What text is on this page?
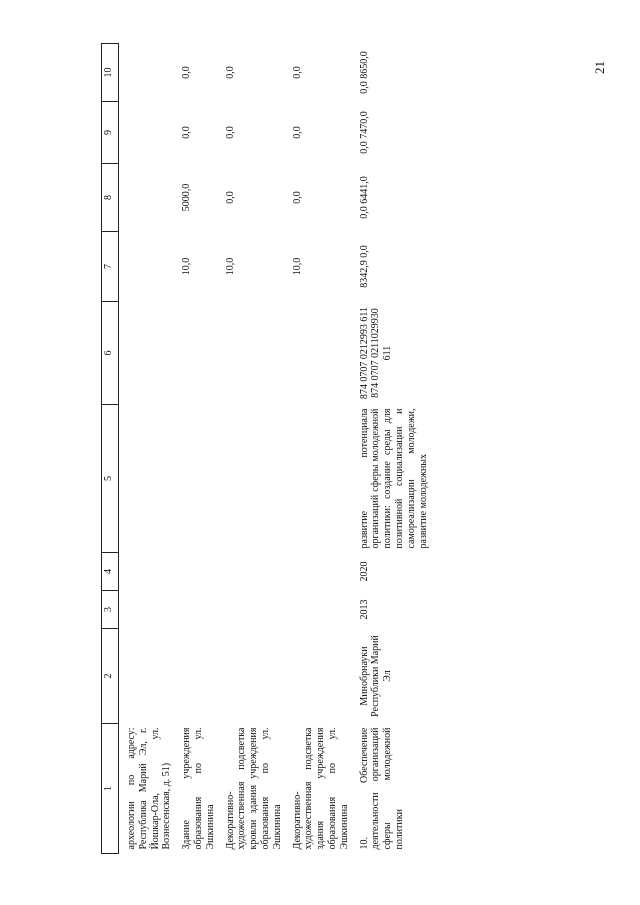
21
1	2	3	4	5	6	7	8	9	10

археологии по адресу: Республика Марий Эл, г. Йошкар-Ола, ул. Вознесенская, д. 51)									

Здание учреждения образования по ул. Эшкинина						10,0	5000,0	0,0	0,0

Декоративно-художественная подсветка кровли здания учреждения образования по ул. Эшкинина						10,0	0,0	0,0	0,0

Декоративно-художественная подсветка здания учреждения образования по ул. Эшкинина						10,0	0,0	0,0	0,0

10. Обеспечение деятельности организаций сферы молодежной политики	Минобрнауки Республики Марий Эл	2013	2020	развитие потенциала организаций сферы молодежной политики: создание среды для позитивной социализации и самореализации молодежи, развитие молодежных	874 0707 0212993 611 874 0707 0211029930 611	8342,9 0,0	0,0 6441,0	0,0 7470,0	0,0 8650,0
